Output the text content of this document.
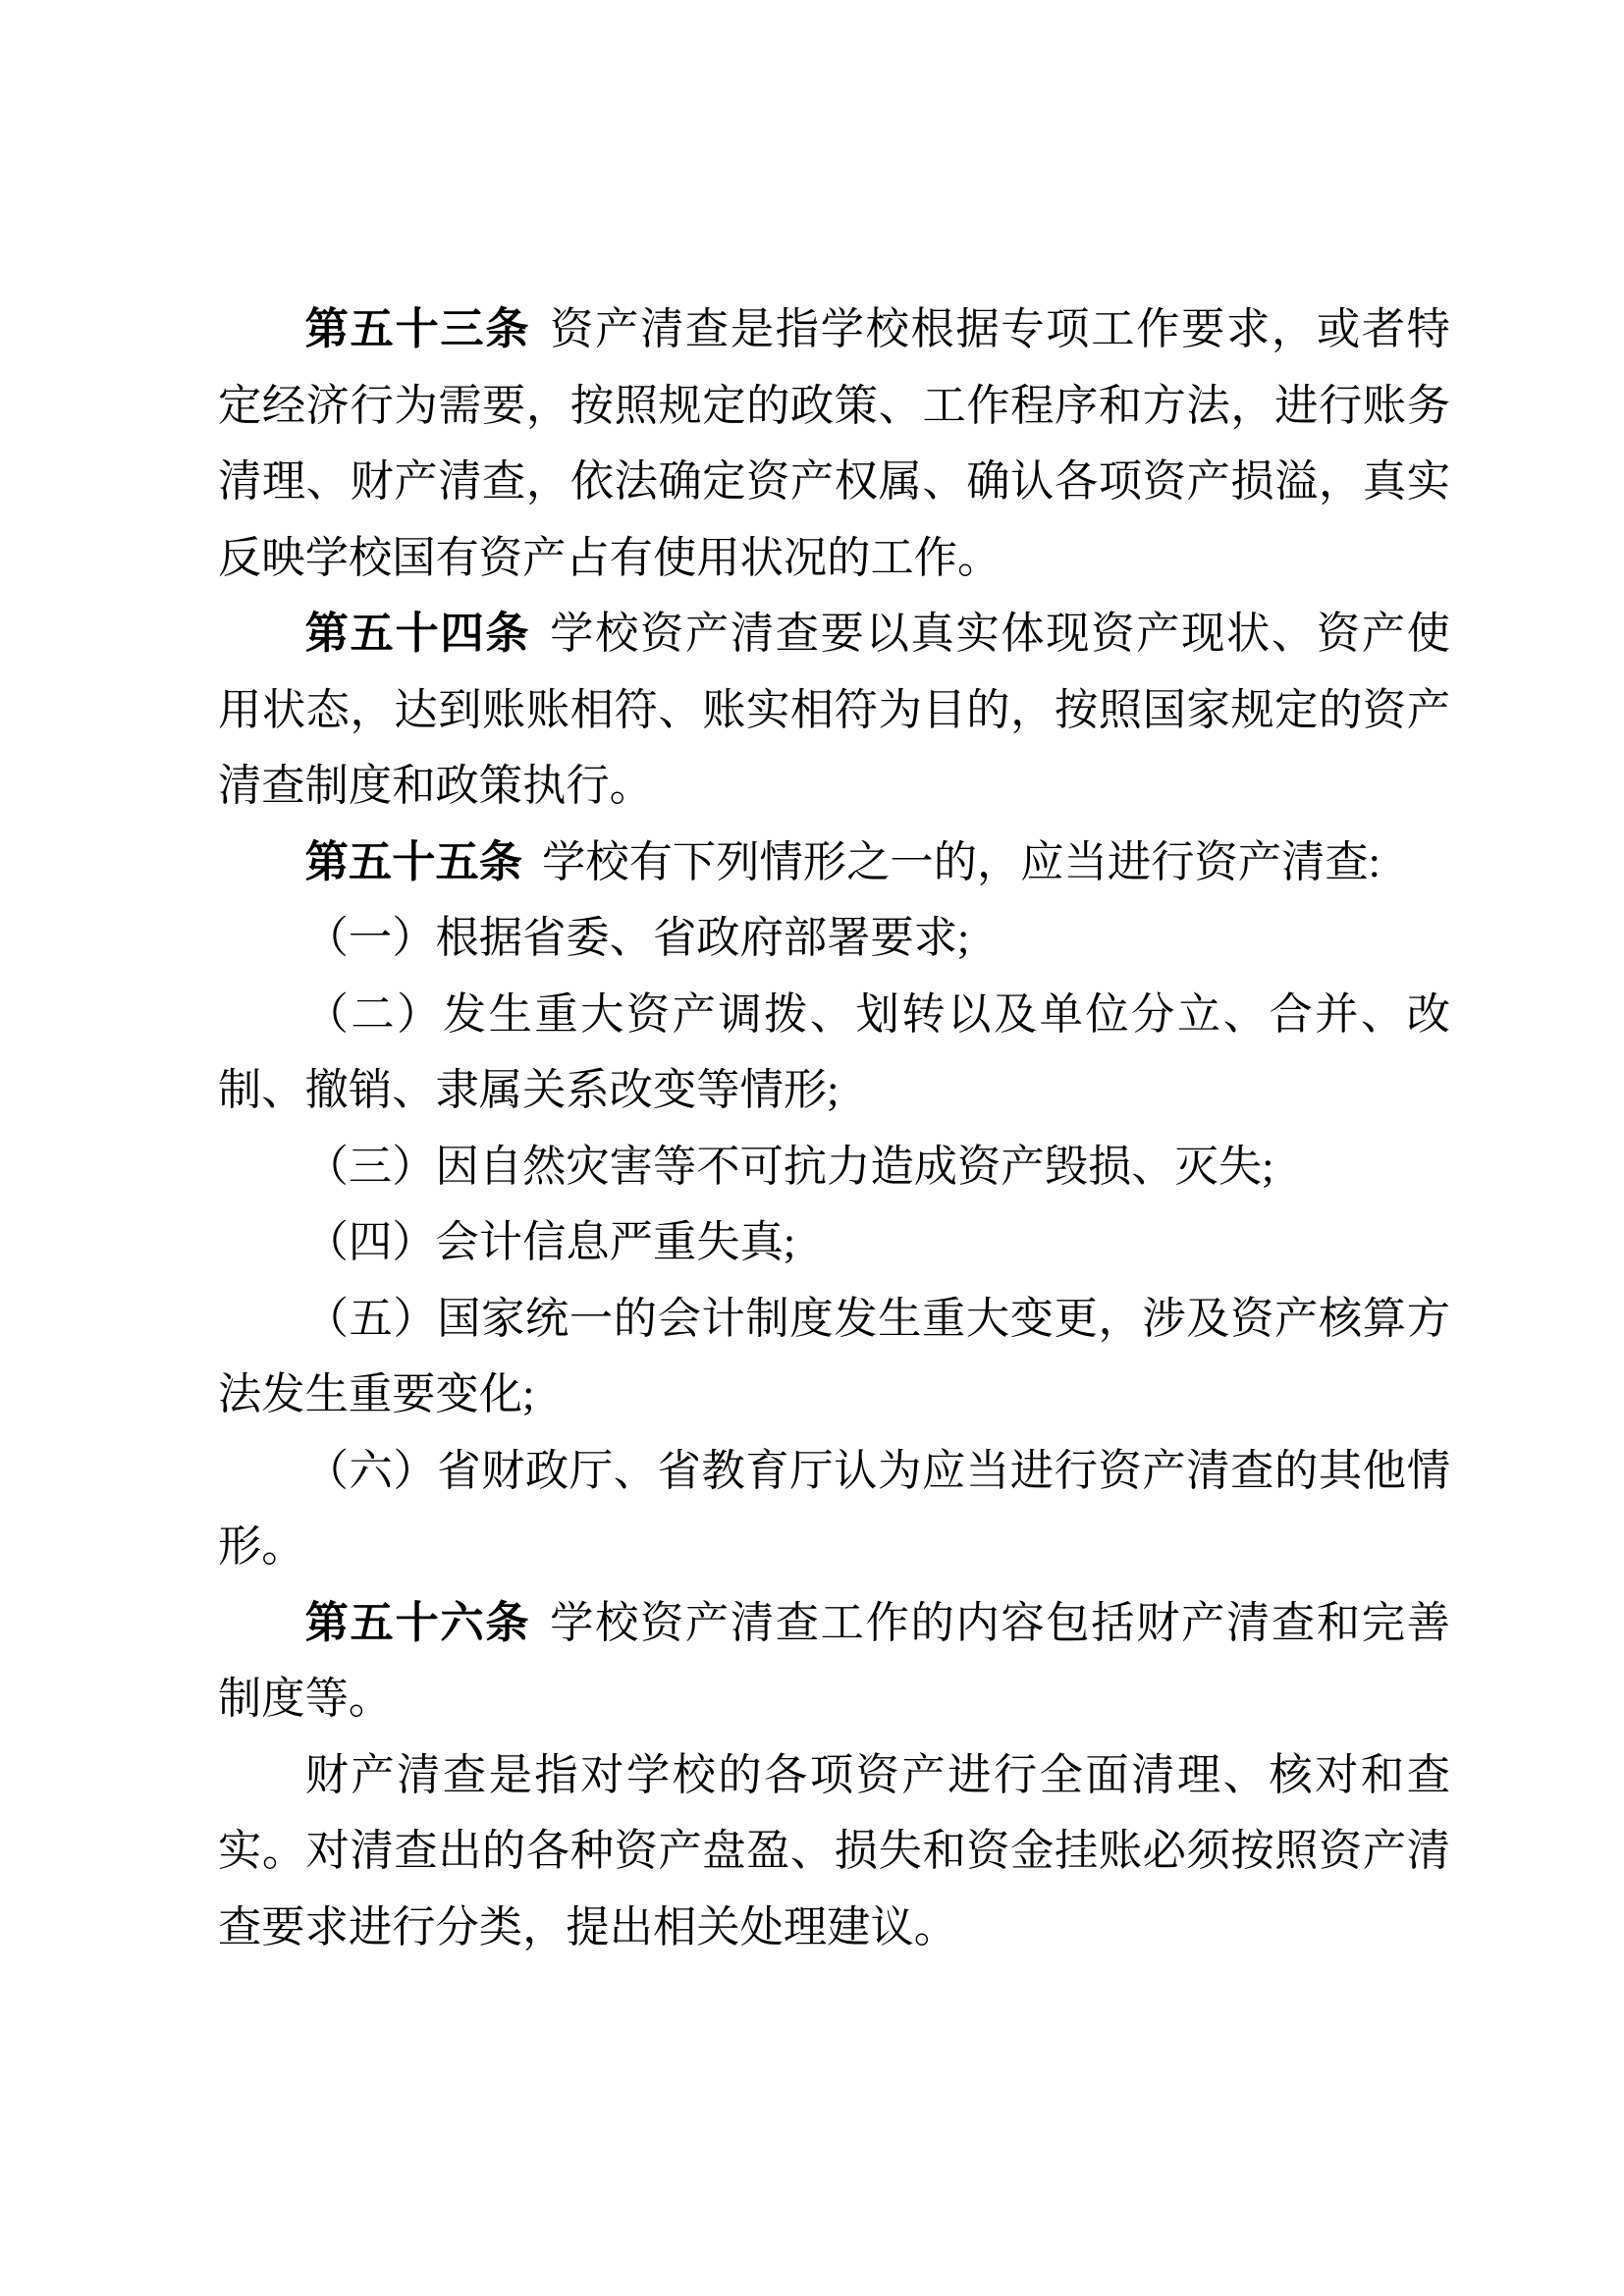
第五十三条 资产清查是指学校根据专项工作要求，或者特定经济行为需要，按照规定的政策、工作程序和方法，进行账务清理、财产清查，依法确定资产权属、确认各项资产损溢，真实反映学校国有资产占有使用状况的工作。

第五十四条 学校资产清查要以真实体现资产现状、资产使用状态，达到账账相符、账实相符为目的，按照国家规定的资产清查制度和政策执行。

第五十五条 学校有下列情形之一的，应当进行资产清查:

（一）根据省委、省政府部署要求;

（二）发生重大资产调拨、划转以及单位分立、合并、改制、撤销、隶属关系改变等情形;

（三）因自然灾害等不可抗力造成资产毁损、灭失;

（四）会计信息严重失真;

（五）国家统一的会计制度发生重大变更，涉及资产核算方法发生重要变化;

（六）省财政厅、省教育厅认为应当进行资产清查的其他情形。

第五十六条 学校资产清查工作的内容包括财产清查和完善制度等。

财产清查是指对学校的各项资产进行全面清理、核对和查实。对清查出的各种资产盘盈、损失和资金挂账必须按照资产清查要求进行分类，提出相关处理建议。
